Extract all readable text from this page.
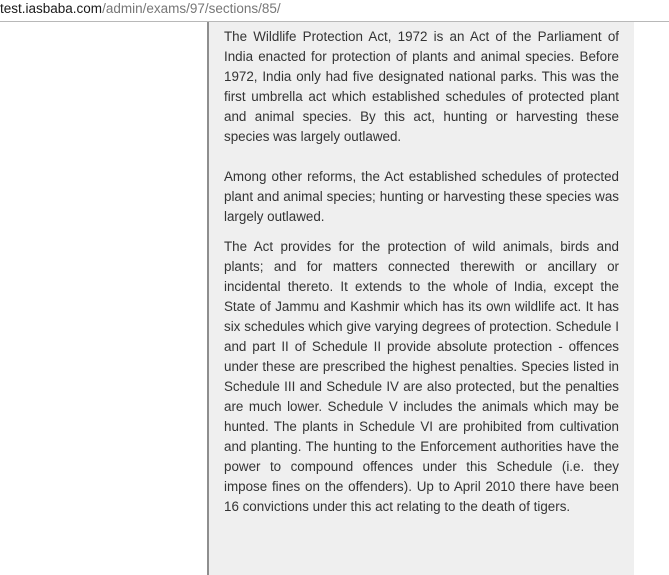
test.iasbaba.com/admin/exams/97/sections/85/

The Wildlife Protection Act, 1972 is an Act of the Parliament of India enacted for protection of plants and animal species. Before 1972, India only had five designated national parks. This was the first umbrella act which established schedules of protected plant and animal species. By this act, hunting or harvesting these species was largely outlawed.

Among other reforms, the Act established schedules of protected plant and animal species; hunting or harvesting these species was largely outlawed.

The Act provides for the protection of wild animals, birds and plants; and for matters connected therewith or ancillary or incidental thereto. It extends to the whole of India, except the State of Jammu and Kashmir which has its own wildlife act. It has six schedules which give varying degrees of protection. Schedule I and part II of Schedule II provide absolute protection - offences under these are prescribed the highest penalties. Species listed in Schedule III and Schedule IV are also protected, but the penalties are much lower. Schedule V includes the animals which may be hunted. The plants in Schedule VI are prohibited from cultivation and planting. The hunting to the Enforcement authorities have the power to compound offences under this Schedule (i.e. they impose fines on the offenders). Up to April 2010 there have been 16 convictions under this act relating to the death of tigers.
